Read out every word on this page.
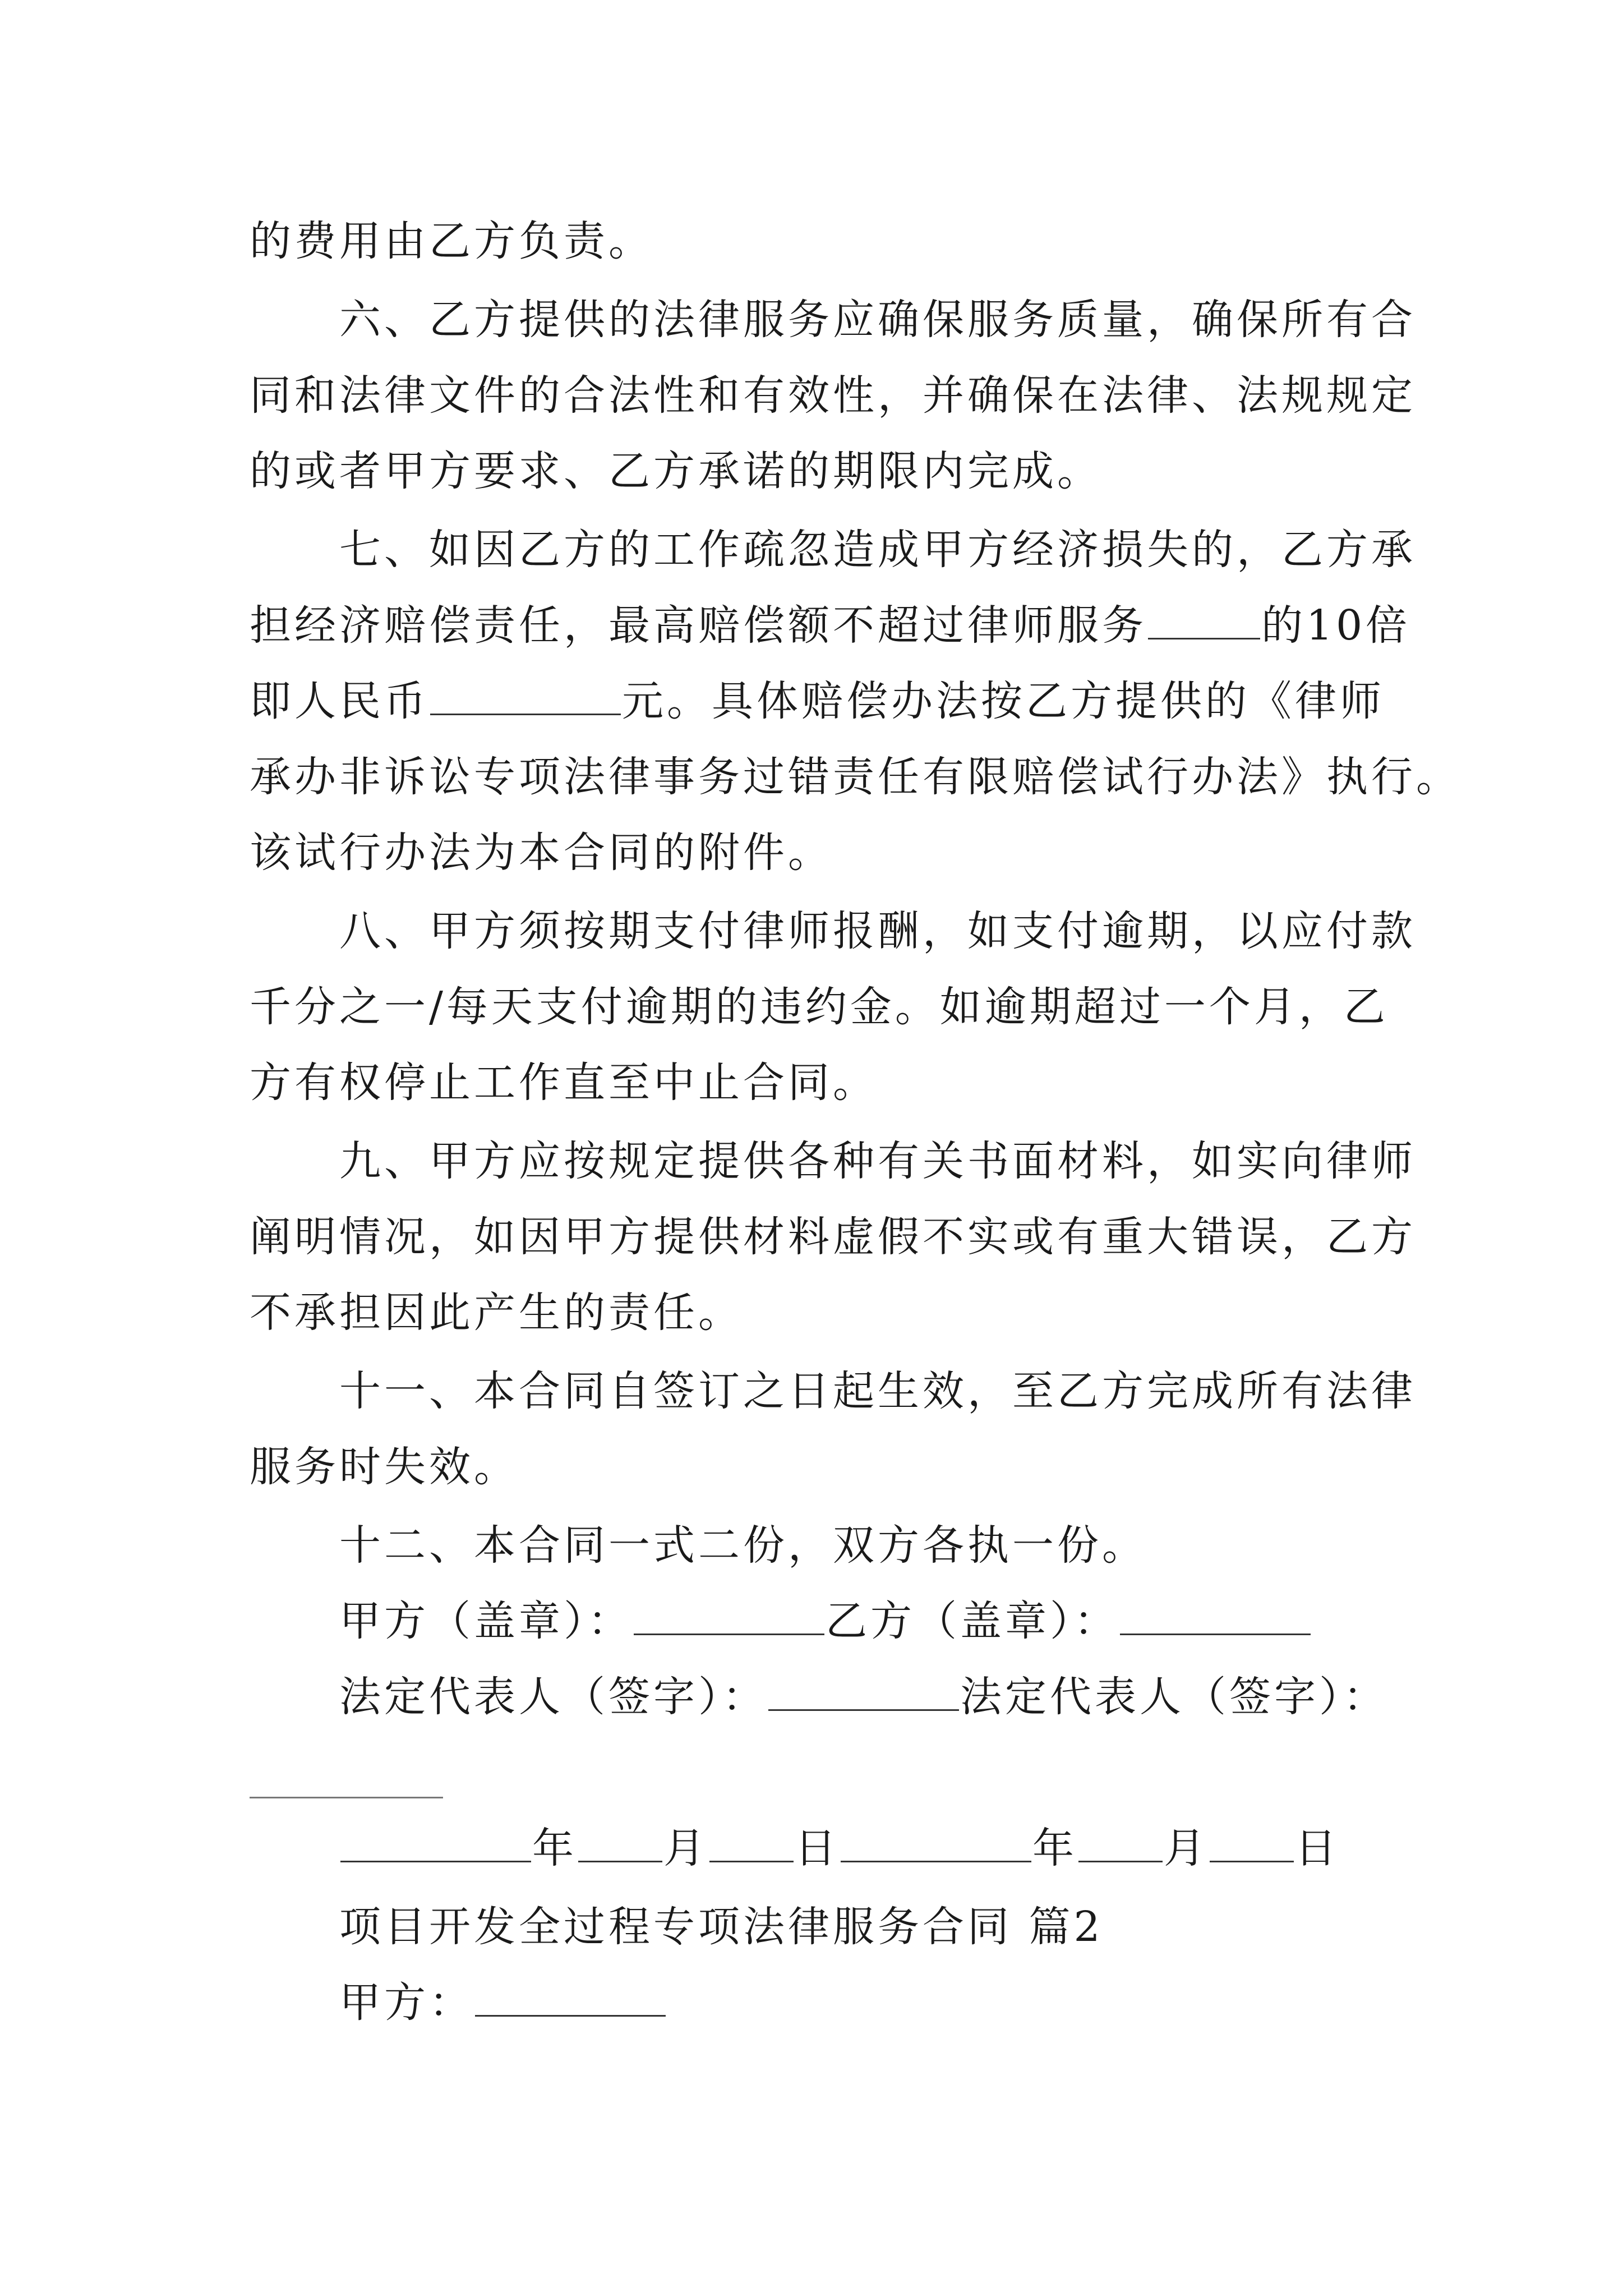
的费用由乙方负责。
六、乙方提供的法律服务应确保服务质量，确保所有合
同和法律文件的合法性和有效性，并确保在法律、法规规定
的或者甲方要求、乙方承诺的期限内完成。
七、如因乙方的工作疏忽造成甲方经济损失的，乙方承
担经济赔偿责任，最高赔偿额不超过律师服务	的10倍
即人民币	元。具体赔偿办法按乙方提供的《律师
承办非诉讼专项法律事务过错责任有限赔偿试行办法》执行。
该试行办法为本合同的附件。
八、甲方须按期支付律师报酬，如支付逾期，以应付款
千分之一/每天支付逾期的违约金。如逾期超过一个月，乙
方有权停止工作直至中止合同。
九、甲方应按规定提供各种有关书面材料，如实向律师
阐明情况，如因甲方提供材料虚假不实或有重大错误，乙方
不承担因此产生的责任。
十一、本合同自签订之日起生效，至乙方完成所有法律
服务时失效。
十二、本合同一式二份，双方各执一份。
甲方（盖章）：	乙方（盖章）：
法定代表人（签字）：	法定代表人（签字）：
年 月 日	年 月 日
项目开发全过程专项法律服务合同 篇2
甲方：
